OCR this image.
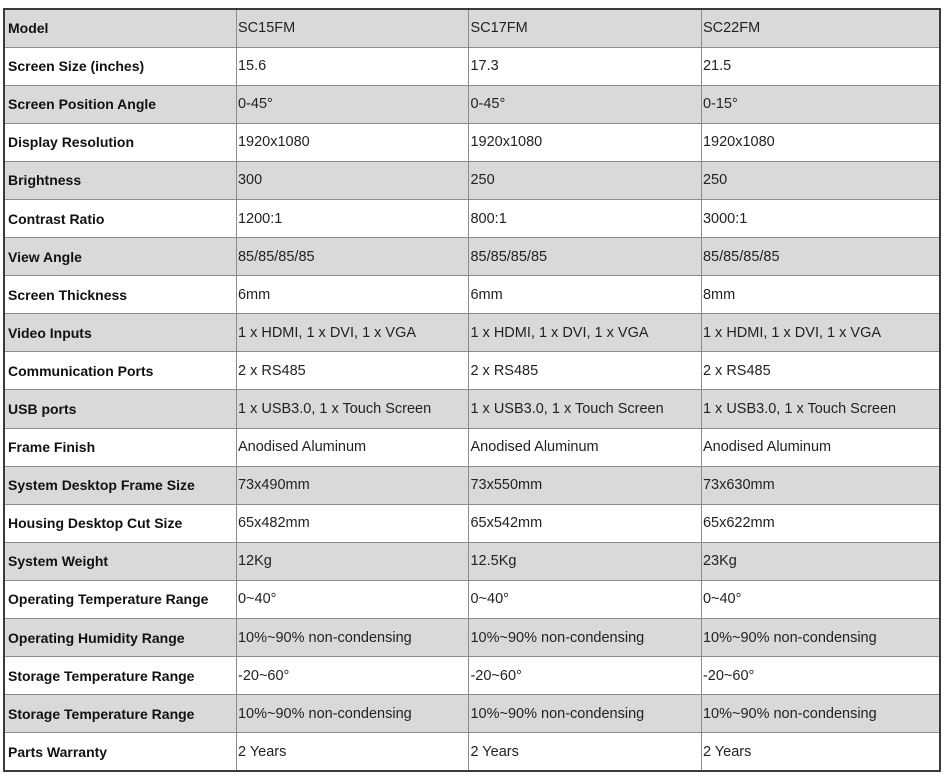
Model	SC15FM	SC17FM	SC22FM
Screen Size (inches)	15.6	17.3	21.5
Screen Position Angle	0-45°	0-45°	0-15°
Display Resolution	1920x1080	1920x1080	1920x1080
Brightness	300	250	250
Contrast Ratio	1200:1	800:1	3000:1
View Angle	85/85/85/85	85/85/85/85	85/85/85/85
Screen Thickness	6mm	6mm	8mm
Video Inputs	1 x HDMI, 1 x DVI, 1 x VGA	1 x HDMI, 1 x DVI, 1 x VGA	1 x HDMI, 1 x DVI, 1 x VGA
Communication Ports	2 x RS485	2 x RS485	2 x RS485
USB ports	1 x USB3.0, 1 x Touch Screen	1 x USB3.0, 1 x Touch Screen	1 x USB3.0, 1 x Touch Screen
Frame Finish	Anodised Aluminum	Anodised Aluminum	Anodised Aluminum
System Desktop Frame Size	73x490mm	73x550mm	73x630mm
Housing Desktop Cut Size	65x482mm	65x542mm	65x622mm
System Weight	12Kg	12.5Kg	23Kg
Operating Temperature Range	0~40°	0~40°	0~40°
Operating Humidity Range	10%~90% non-condensing	10%~90% non-condensing	10%~90% non-condensing
Storage Temperature Range	-20~60°	-20~60°	-20~60°
Storage Temperature Range	10%~90% non-condensing	10%~90% non-condensing	10%~90% non-condensing
Parts Warranty	2 Years	2 Years	2 Years
